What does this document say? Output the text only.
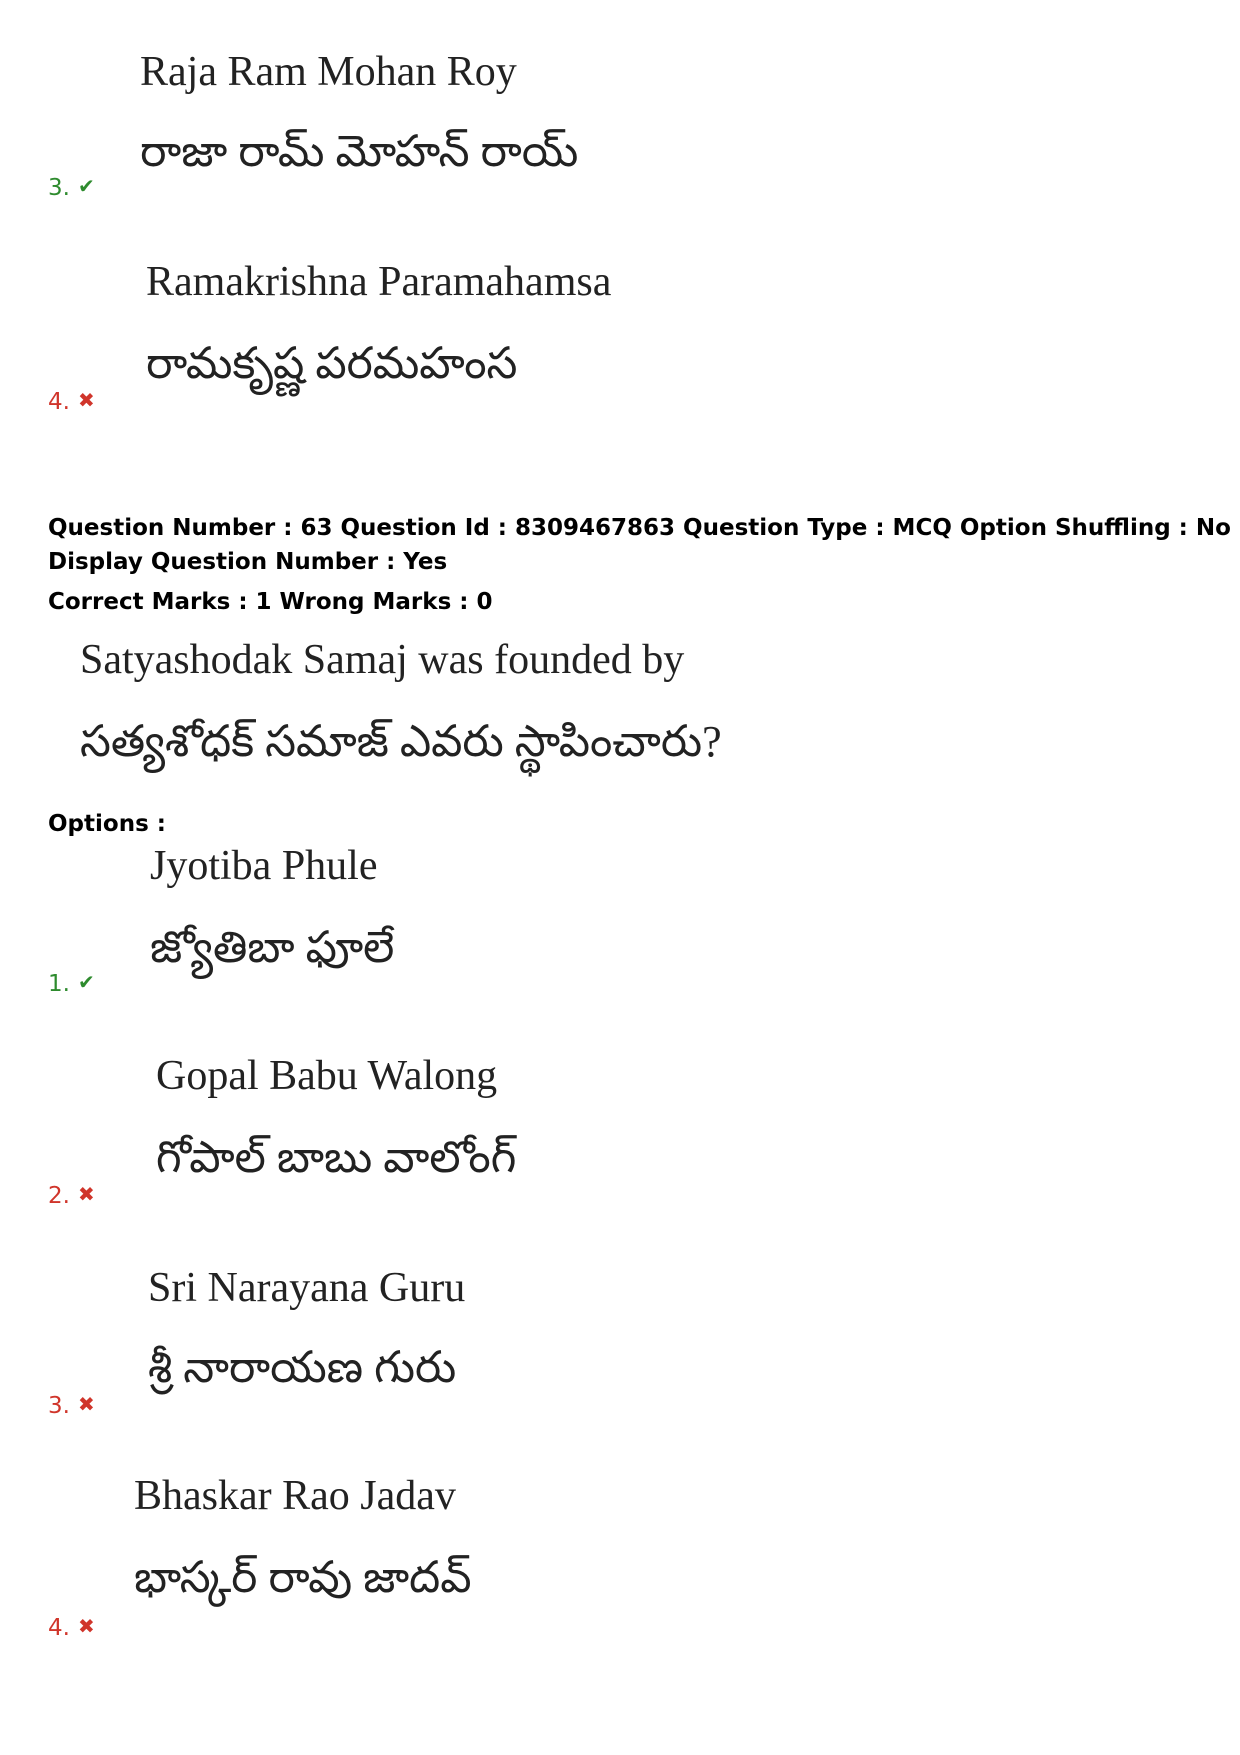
Raja Ram Mohan Roy
రాజా రామ్ మోహన్ రాయ్
3. ✔
Ramakrishna Paramahamsa
రామకృష్ణ పరమహంస
4. ✖
Question Number : 63 Question Id : 8309467863 Question Type : MCQ Option Shuffling : No
Display Question Number : Yes
Correct Marks : 1 Wrong Marks : 0
Satyashodak Samaj was founded by
సత్యశోధక్ సమాజ్ ఎవరు స్థాపించారు?
Options :
Jyotiba Phule
జ్యోతిబా ఫూలే
1. ✔
Gopal Babu Walong
గోపాల్ బాబు వాలోంగ్
2. ✖
Sri Narayana Guru
శ్రీ నారాయణ గురు
3. ✖
Bhaskar Rao Jadav
భాస్కర్ రావు జాదవ్
4. ✖
